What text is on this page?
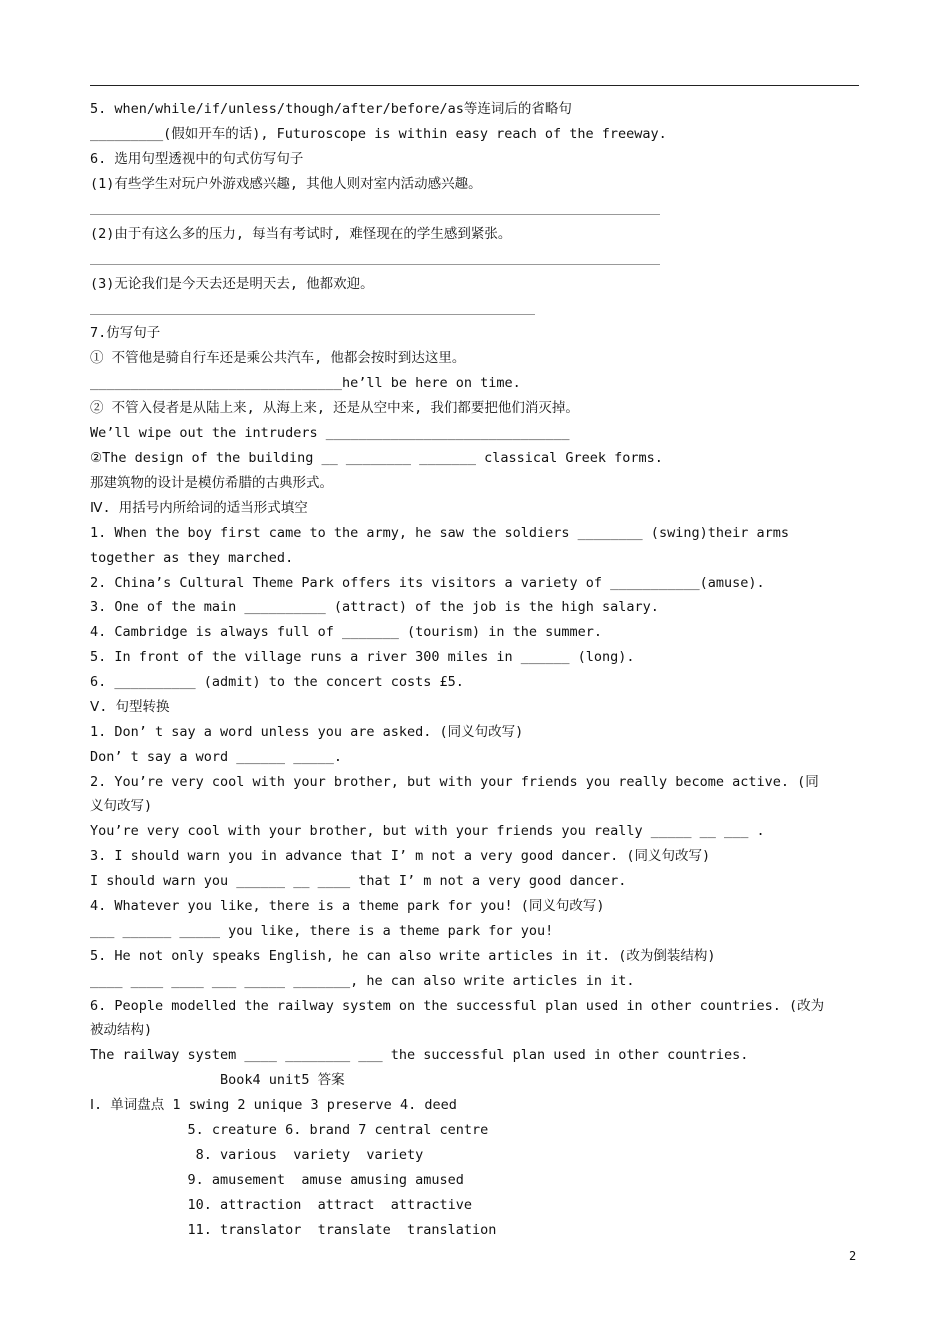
5. when/while/if/unless/though/after/before/as等连词后的省略句
_________(假如开车的话), Futuroscope is within easy reach of the freeway.
6. 选用句型透视中的句式仿写句子
(1)有些学生对玩户外游戏感兴趣, 其他人则对室内活动感兴趣。
(2)由于有这么多的压力, 每当有考试时, 难怪现在的学生感到紧张。
(3)无论我们是今天去还是明天去, 他都欢迎。
7.仿写句子
① 不管他是骑自行车还是乘公共汽车, 他都会按时到达这里。
_______________________________he’ll be here on time.
② 不管入侵者是从陆上来, 从海上来, 还是从空中来, 我们都要把他们消灭掉。
We’ll wipe out the intruders ______________________________
②The design of the building __ ________ _______ classical Greek forms.
那建筑物的设计是模仿希腊的古典形式。
Ⅳ. 用括号内所给词的适当形式填空
1. When the boy first came to the army, he saw the soldiers ________ (swing)their arms
together as they marched.
2. China’s Cultural Theme Park offers its visitors a variety of ___________(amuse).
3. One of the main __________ (attract) of the job is the high salary.
4. Cambridge is always full of _______ (tourism) in the summer.
5. In front of the village runs a river 300 miles in ______ (long).
6. __________ (admit) to the concert costs £5.
Ⅴ. 句型转换
1. Don’ t say a word unless you are asked. (同义句改写)
Don’ t say a word ______ _____.
2. You’re very cool with your brother, but with your friends you really become active. (同
义句改写)
You’re very cool with your brother, but with your friends you really _____ __ ___ .
3. I should warn you in advance that I’ m not a very good dancer. (同义句改写)
I should warn you ______ __ ____ that I’ m not a very good dancer.
4. Whatever you like, there is a theme park for you! (同义句改写)
___ ______ _____ you like, there is a theme park for you!
5. He not only speaks English, he can also write articles in it. (改为倒装结构)
____ ____ ____ ___ _____ _______, he can also write articles in it.
6. People modelled the railway system on the successful plan used in other countries. (改为
被动结构)
The railway system ____ ________ ___ the successful plan used in other countries.
Book4 unit5 答案
Ⅰ. 单词盘点 1 swing 2 unique 3 preserve 4. deed
5. creature 6. brand 7 central centre
8. various  variety  variety
9. amusement  amuse amusing amused
10. attraction  attract  attractive
11. translator  translate  translation
2
